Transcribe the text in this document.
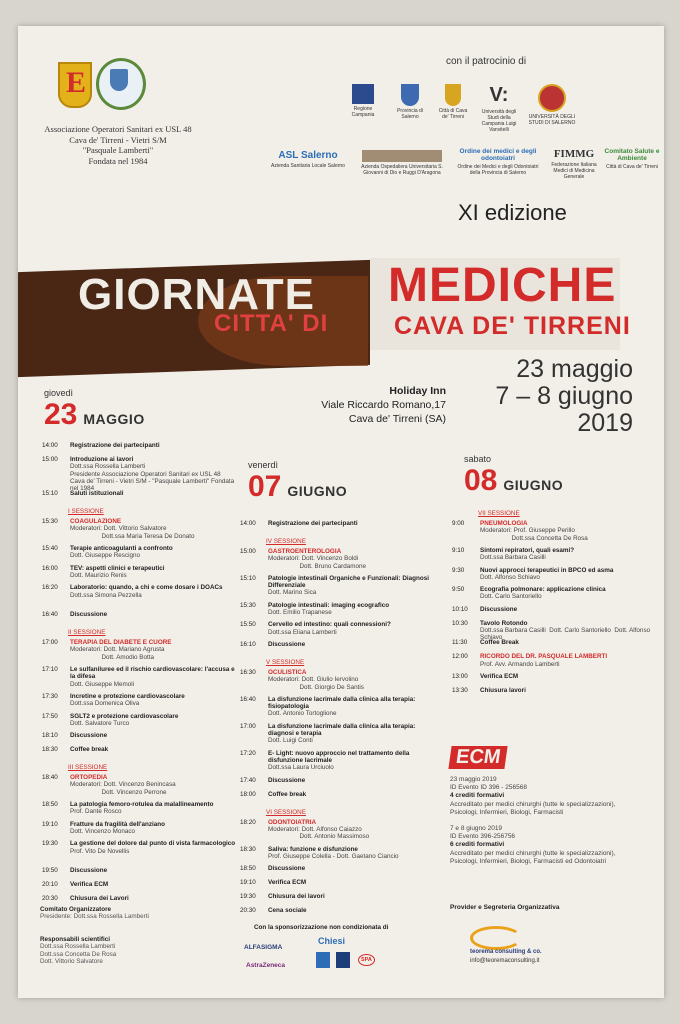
E
Associazione Operatori Sanitari ex USL 48
Cava de' Tirreni - Vietri S/M
"Pasquale Lamberti"
Fondata nel 1984
con il patrocinio di
Regione Campania
Provincia di Salerno
Città di Cava de' Tirreni
V:
Università degli Studi della Campania Luigi Vanvitelli
UNIVERSITÀ DEGLI STUDI DI SALERNO
ASL Salerno
Azienda Sanitaria Locale Salerno	Azienda Ospedaliera Universitaria S. Giovanni di Dio e Ruggi D'Aragona
Ordine dei medici e degli odontoiatri
Ordine dei Medici e degli Odontoiatri della Provincia di Salerno
FIMMG
Federazione Italiana Medici di Medicina Generale
Comitato Salute e Ambiente
Città di Cava de' Tirreni
XI edizione
GIORNATE
CITTA' DI
MEDICHE
CAVA DE' TIRRENI
23 maggio
7 – 8 giugno
2019
Holiday Inn
Viale Riccardo Romano,17
Cava de' Tirreni (SA)
giovedì
23 MAGGIO
venerdì
07 GIUGNO
sabato
08 GIUGNO
14:00	Registrazione dei partecipanti
15:00	Introduzione ai lavori
Dott.ssa Rossella Lamberti
Presidente Associazione Operatori Sanitari ex USL 48
Cava de' Tirreni - Vietri S/M - "Pasquale Lamberti" Fondata nel 1984
15:10	Saluti istituzionali
I SESSIONE
15:30	COAGULAZIONE
Moderatori: Dott. Vittorio Salvatore
Dott.ssa Maria Teresa De Donato
15:40	Terapie anticoagulanti a confronto
Dott. Giuseppe Rescigno
16:00	TEV: aspetti clinici e terapeutici
Dott. Maurizio Renis
16:20	Laboratorio: quando, a chi e come dosare i DOACs
Dott.ssa Simona Pezzella
16:40	Discussione
II SESSIONE
17:00	TERAPIA DEL DIABETE E CUORE
Moderatori: Dott. Mariano Agrusta
Dott. Amodio Botta
17:10	Le sulfaniluree ed il rischio cardiovascolare: l'accusa e la difesa
Dott. Giuseppe Memoli
17:30	Incretine e protezione cardiovascolare
Dott.ssa Domenica Oliva
17:50	SGLT2 e protezione cardiovascolare
Dott. Salvatore Turco
18:10	Discussione
18:30	Coffee break
III SESSIONE
18:40	ORTOPEDIA
Moderatori: Dott. Vincenzo Benincasa
Dott. Vincenzo Perrone
18:50	La patologia femoro-rotulea da malallineamento
Prof. Dante Rosco
19:10	Fratture da fragilità dell'anziano
Dott. Vincenzo Monaco
19:30	La gestione del dolore dal punto di vista farmacologico
Prof. Vito De Novellis
19:50	Discussione
20:10	Verifica ECM
20:30	Chiusura dei Lavori
14:00	Registrazione dei partecipanti
IV SESSIONE
15:00	GASTROENTEROLOGIA
Moderatori: Dott. Vincenzo Boldi
Dott. Bruno Cardamone
15:10	Patologie intestinali Organiche e Funzionali: Diagnosi Differenziale
Dott. Marino Sica
15:30	Patologie intestinali: imaging ecografico
Dott. Emilio Trapanese
15:50	Cervello ed intestino: quali connessioni?
Dott.ssa Eliana Lamberti
16:10	Discussione
V SESSIONE
16:30	OCULISTICA
Moderatori: Dott. Giulio Iervolino
Dott. Giorgio De Santis
16:40	La disfunzione lacrimale dalla clinica alla terapia: fisiopatologia
Dott. Antonio Tortoglione
17:00	La disfunzione lacrimale dalla clinica alla terapia: diagnosi e terapia
Dott. Luigi Conti
17:20	E- Light: nuovo approccio nel trattamento della disfunzione lacrimale
Dott.ssa Laura Urciuolo
17:40	Discussione
18:00	Coffee break
VI SESSIONE
18:20	ODONTOIATRIA
Moderatori: Dott. Alfonso Caiazzo
Dott. Antonio Massimoso
18:30	Saliva: funzione e disfunzione
Prof. Giuseppe Colella - Dott. Gaetano Ciancio
18:50	Discussione
19:10	Verifica ECM
19:30	Chiusura dei lavori
20:30	Cena sociale
VII SESSIONE
9:00	PNEUMOLOGIA
Moderatori: Prof. Giuseppe Perillo
Dott.ssa Concetta De Rosa
9:10	Sintomi repiratori, quali esami?
Dott.ssa Barbara Casilli
9:30	Nuovi approcci terapeutici in BPCO ed asma
Dott. Alfonso Schiavo
9:50	Ecografia polmonare: applicazione clinica
Dott. Carlo Santoriello
10:10	Discussione
10:30	Tavolo Rotondo
Dott.ssa Barbara Casilli  Dott. Carlo Santoriello  Dott. Alfonso Schiavo
11:30	Coffee Break
12:00	RICORDO DEL DR. PASQUALE LAMBERTI
Prof. Avv. Armando Lamberti
13:00	Verifica ECM
13:30	Chiusura lavori
ECM
23 maggio 2019
ID Evento ID 396 - 256568
4 crediti formativi
Accreditato per medici chirurghi (tutte le specializzazioni),
Psicologi, Infermieri, Biologi, Farmacisti
7 e 8 giugno 2019
ID Evento 396-256756
6 crediti formativi
Accreditato per medici chirurghi (tutte le specializzazioni),
Psicologi, Infermieri, Biologi, Farmacisti ed Odontoiatri
Provider e Segreteria Organizzativa
teorema consulting & co.
info@teoremaconsulting.it
Con la sponsorizzazione non condizionata di
ALFASIGMA
Chiesi
AstraZeneca
SPA
Comitato Organizzatore
Presidente: Dott.ssa Rossella Lamberti
Responsabili scientifici
Dott.ssa Rossella Lamberti
Dott.ssa Concetta De Rosa
Dott. Vittorio Salvatore
